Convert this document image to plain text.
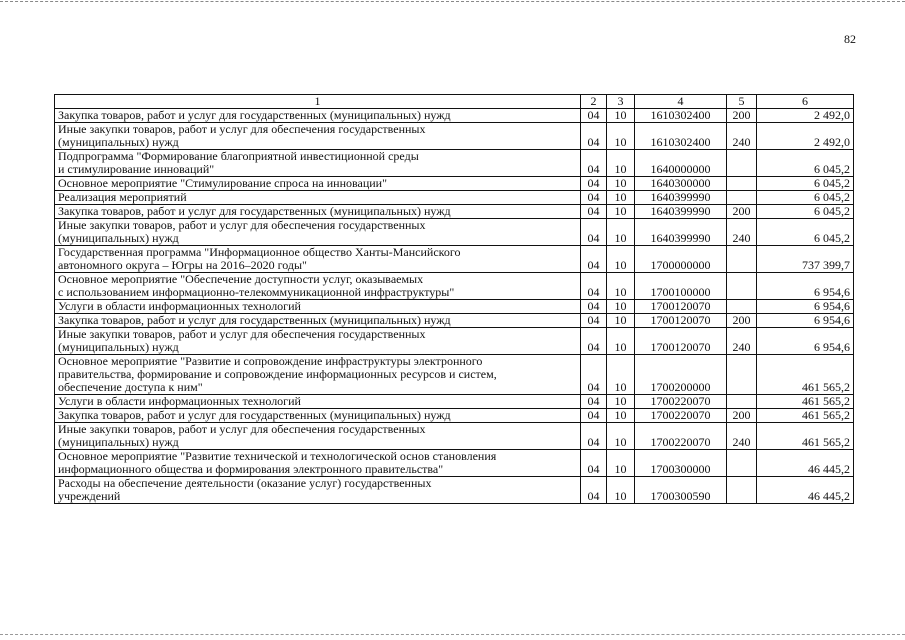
82
1	2	3	4	5	6

Закупка товаров, работ и услуг для государственных (муниципальных) нужд	04	10	1610302400	200	2 492,0

Иные закупки товаров, работ и услуг для обеспечения государственных
(муниципальных) нужд	04	10	1610302400	240	2 492,0

Подпрограмма "Формирование благоприятной инвестиционной среды
и стимулирование инноваций"	04	10	1640000000		6 045,2

Основное мероприятие "Стимулирование спроса на инновации"	04	10	1640300000		6 045,2

Реализация мероприятий	04	10	1640399990		6 045,2

Закупка товаров, работ и услуг для государственных (муниципальных) нужд	04	10	1640399990	200	6 045,2

Иные закупки товаров, работ и услуг для обеспечения государственных
(муниципальных) нужд	04	10	1640399990	240	6 045,2

Государственная программа "Информационное общество Ханты-Мансийского
автономного округа – Югры на 2016–2020 годы"	04	10	1700000000		737 399,7

Основное мероприятие "Обеспечение доступности услуг, оказываемых
с использованием информационно-телекоммуникационной инфраструктуры"	04	10	1700100000		6 954,6

Услуги в области информационных технологий	04	10	1700120070		6 954,6

Закупка товаров, работ и услуг для государственных (муниципальных) нужд	04	10	1700120070	200	6 954,6

Иные закупки товаров, работ и услуг для обеспечения государственных
(муниципальных) нужд	04	10	1700120070	240	6 954,6

Основное мероприятие "Развитие и сопровождение инфраструктуры электронного
правительства, формирование и сопровождение информационных ресурсов и систем,
обеспечение доступа к ним"	04	10	1700200000		461 565,2

Услуги в области информационных технологий	04	10	1700220070		461 565,2

Закупка товаров, работ и услуг для государственных (муниципальных) нужд	04	10	1700220070	200	461 565,2

Иные закупки товаров, работ и услуг для обеспечения государственных
(муниципальных) нужд	04	10	1700220070	240	461 565,2

Основное мероприятие "Развитие технической и технологической основ становления
информационного общества и формирования электронного правительства"	04	10	1700300000		46 445,2

Расходы на обеспечение деятельности (оказание услуг) государственных
учреждений	04	10	1700300590		46 445,2
